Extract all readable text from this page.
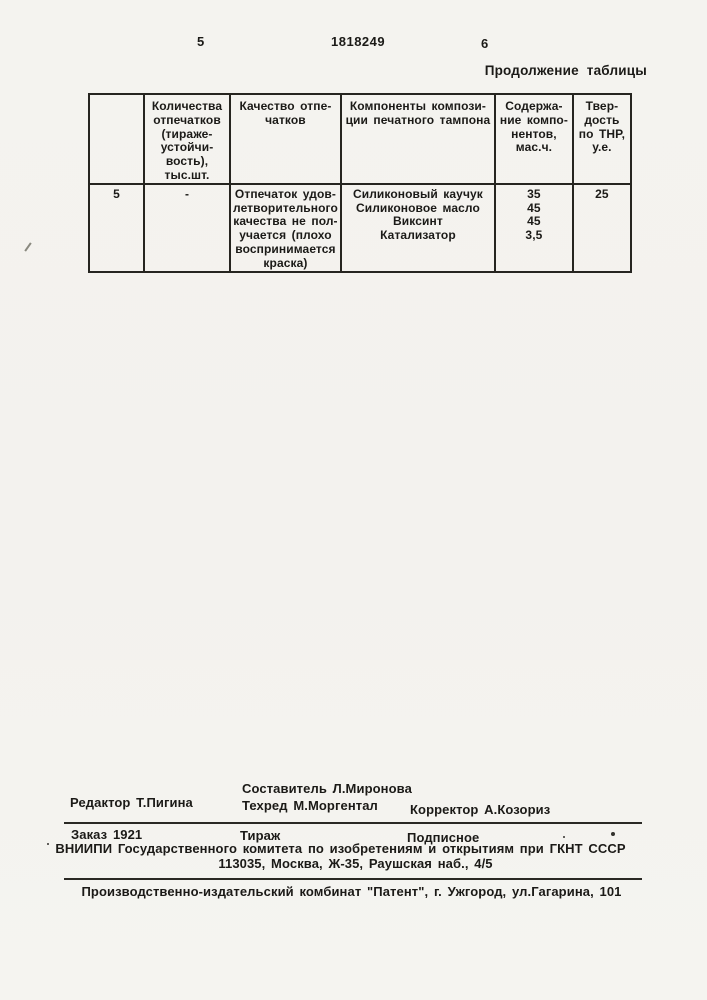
5	1818249	6
Продолжение таблицы
	Количества
отпечатков
(тираже-
устойчи-
вость),
тыс.шт.	Качество отпе-
чатков	Компоненты компози-
ции печатного тампона	Содержа-
ние компо-
нентов,
мас.ч.	Твер-
дость
по ТНР,
у.е.
5	-	Отпечаток удов-
летворительного
качества не пол-
учается (плохо
воспринимается
краска)	Силиконовый каучук
Силиконовое масло
Виксинт
Катализатор	35
45
45
3,5	25
Составитель Л.Миронова
Редактор Т.Пигина	Техред М.Моргентал Корректор А.Козориз
Заказ 1921	Тираж	Подписное
ВНИИПИ Государственного комитета по изобретениям и открытиям при ГКНТ СССР
113035, Москва, Ж-35, Раушская наб., 4/5
Производственно-издательский комбинат "Патент", г. Ужгород, ул.Гагарина, 101
